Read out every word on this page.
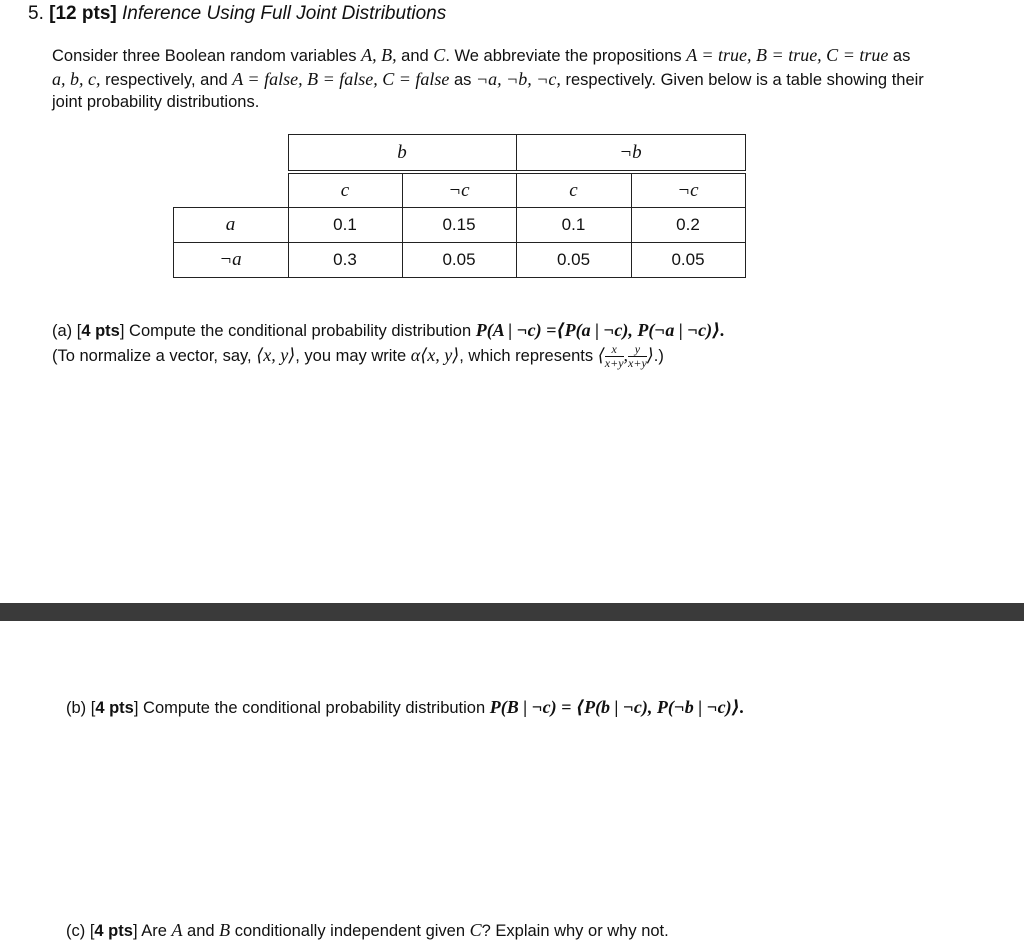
5. [12 pts] Inference Using Full Joint Distributions
Consider three Boolean random variables A, B, and C. We abbreviate the propositions A = true, B = true, C = true as
a, b, c, respectively, and A = false, B = false, C = false as ¬a, ¬b, ¬c, respectively. Given below is a table showing their
joint probability distributions.
b	¬b
c	¬c	c	¬c
a	0.1	0.15	0.1	0.2
¬a	0.3	0.05	0.05	0.05
(a) [4 pts] Compute the conditional probability distribution P(A | ¬c) =⟨P(a | ¬c), P(¬a | ¬c)⟩.
(To normalize a vector, say, ⟨x, y⟩, you may write α⟨x, y⟩, which represents ⟨ $\frac{x}{x+y}$ , $\frac{y}{x+y}$ ⟩.)
(b) [4 pts] Compute the conditional probability distribution P(B | ¬c) = ⟨P(b | ¬c), P(¬b | ¬c)⟩.
(c) [4 pts] Are A and B conditionally independent given C? Explain why or why not.
